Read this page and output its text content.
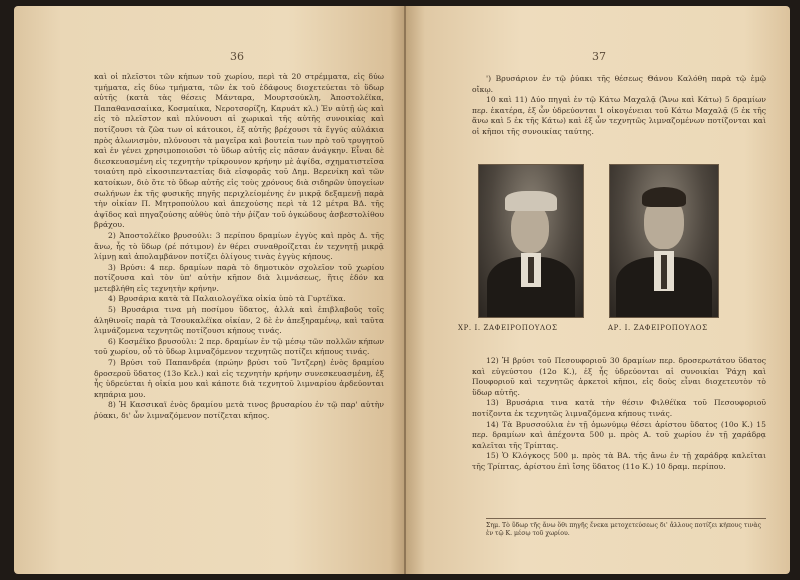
36

καὶ οἱ πλεῖστοι τῶν κήπων τοῦ χωρίου, περὶ τὰ 20 στρέμματα, εἰς δύω τμήματα, εἰς δύω τμήματα, τῶν ἐκ τοῦ ἐδάφους διοχετεύεται τὸ ὕδωρ αὐτῆς (κατὰ τὰς θέσεις Μάνταρα, Μουρτσούκλη, Ἀποστολέϊκα, Παπαθανασαίικα, Κοσμαίικα, Νεροτσορίζη, Καρυάτ κλ.) Ἐν αὐτῇ ὡς καὶ εἰς τὸ πλεῖστον καὶ πλύνουσι αἱ χωρικαὶ τῆς αὐτῆς συνοικίας καὶ ποτίζουσι τὰ ζῶα των οἱ κάτοικοι, ἐξ αὐτῆς βρέχουσι τὰ ἔγγύς αὐλάκια πρὸς ἀλωνισμὸν, πλύνουσι τὰ μαγεῖρα καὶ βουτεία των πρὸ τοῦ τρυγητοῦ καὶ ἐν γένει χρησιμοποιοῦσι τὸ ὕδωρ αὐτῆς εἰς πᾶσαν ἀνάγκην. Εἶναι δὲ διεσκευασμένη εἰς τεχνητὴν τρίκρουνον κρήνην μὲ ἀψίδα, σχηματιστεῖσα τοιαύτη πρὸ εἰκοσιπενταετίας διὰ εἰσφορᾶς τοῦ Δημ. Βερενίκη καὶ τῶν κατοίκων, διὸ ὅτε τὸ ὕδωρ αὐτῆς εἰς τοὺς χρόνους διὰ σιδηρῶν ὑπογείων σωλήνων ἐκ τῆς φυσικῆς πηγῆς περιχλείομένης ἐν μικρᾷ δεξαμενῇ παρὰ τὴν οἰκίαν Π. Μητροπούλου καὶ ἀπεχούσης περὶ τὰ 12 μέτρα ΒΔ. τῆς ἀψῖδος καὶ πηγαζούσης αὐθὺς ὑπὸ τὴν ῥίζαν τοῦ ὀγκώδους ἀσβεστολίθου βράχου.

2) Ἀποστολέϊκο βρυσούλι: 3 περίπου δραμίων ἐγγὺς καὶ πρὸς Δ. τῆς ἄνω, ἧς τὸ ὕδωρ (ρέ πότιμον) ἐν θέρει συναθροίζεται ἐν τεχνητῇ μικρᾷ λίμνῃ καὶ ἀπολαμβάνον ποτίζει ὀλίγους τινὰς ἐγγὺς κήπους.

3) Βρύσι: 4 περ. δραμίων παρὰ τὸ δημοτικὸν σχολεῖον τοῦ χωρίου ποτίζουσα καὶ τὸν ὑπ' αὐτὴν κῆπον διὰ λιμνάσεως, ἥτις ἐδόν κα μετεβλήθη εἰς τεχνητὴν κρήνην.

4) Βρυσάρια κατὰ τὰ Παλαιολογέϊκα οἰκία ὑπὸ τὰ Γυρτέϊκα.

5) Βρυσάρια τινα μὴ ποσίμου ὕδατος, ἀλλὰ καὶ ἐπιβλαβοῦς τοῖς ἀληθινοῖς παρὰ τὰ Τσουκαλέϊκα οἰκίαν, 2 δὲ ἐν ἀπεξηραμένῳ, καὶ ταῦτα λιμνάζομενα τεχνητῶς ποτίζουσι κήπους τινάς.

6) Κοσμέϊκο βρυσούλι: 2 περ. δραμίων ἐν τῷ μέσῳ τῶν πολλῶν κήπων τοῦ χωρίου, οὗ τὸ ὕδωρ λιμναζόμενον τεχνητῶς ποτίζει κήπους τινάς.

7) Βρύσι τοῦ Παπανδρέα (πρώην βρύσι τοῦ Ἴντζερη) ἐνὸς δραμίου δροσεροῦ ὕδατος (13ο Κελ.) καὶ εἰς τεχνητὴν κρήνην συνεσκευασμένη, ἐξ ἧς ὑδρεύεται ἡ οἰκία μου καὶ κάποτε διὰ τεχνητοῦ λιμναρίου ἀρδεύονται κηπάρια μου.

8) Ἡ Κασσικαϊ ἐνὸς δραμίου μετὰ τινος βρυσαρίου ἐν τῷ παρ' αὐτὴν ῥύακι, δι' ὧν λιμναζόμενον ποτίζεται κῆπος.

37

') Βρυσάριον ἐν τῷ ῥύακι τῆς θέσεως Θάνου Καλόθη παρὰ τῷ ἐμῷ οἴκῳ.

10 καὶ 11) Δύο πηγαὶ ἐν τῷ Κάτω Μαχαλᾷ (Ἄνω καὶ Κάτω) 5 δραμίων περ. ἑκατέρα, ἐξ ὧν ὑδρεύονται 1 οἰκογένειαι τοῦ Κάτω Μαχαλᾷ (5 ἐκ τῆς ἄνω καὶ 5 ἐκ τῆς Κάτω) καὶ ἐξ ὧν τεχνητῶς λιμναζομένων ποτίζονται καὶ οἱ κῆποι τῆς συνοικίας ταύτης.

ΧΡ. Ι. ΖΑΦΕΙΡΟΠΟΥΛΟΣ	ΑΡ. Ι. ΖΑΦΕΙΡΟΠΟΥΛΟΣ

12) Ἡ βρύσι τοῦ Πεσουφοριοῦ 30 δραμίων περ. δροσερωτάτου ὕδατος καὶ εὐγεύστου (12ο Κ.), ἐξ ἧς ὑδρεύονται αἱ συνοικίαι Ῥάχη καὶ Πουφοριοῦ καὶ τεχνητῶς ἀρκετοὶ κῆποι, εἰς δοὺς εἶναι διοχετευτὸν τὸ ὕδωρ αὐτῆς.

13) Βρυσάρια τινα κατὰ τὴν θέσιν Φιλθέϊκα τοῦ Πεσουφοριοῦ ποτίζοντα ἐκ τεχνητῶς λιμναζόμενα κήπους τινάς.

14) Τὰ Βρυσσούλια ἐν τῇ ὁμωνύμῳ θέσει ἀρίστου ὕδατος (10ο Κ.) 15 περ. δραμίων καὶ ἀπέχοντα 500 μ. πρὸς Α. τοῦ χωρίου ἐν τῇ χαράδρᾳ καλεῖται τῆς Τρίπτας.

15) Ὁ Κλόγκοςς 500 μ. πρὸς τὰ ΒΑ. τῆς ἄνω ἐν τῇ χαράδρᾳ καλεῖται τῆς Τρίπτας, ἀρίστου ἐπὶ ἴσης ὕδατος (11ο Κ.) 10 δραμ. περίπου.

Σημ. Τὸ ὕδωρ τῆς ἄνω ὅθι πηγῆς ἔνεκα μετοχετεύσεως δι' ἄλλους ποτίζει κήπους τινὰς ἐν τῷ Κ. μέσῳ τοῦ χωρίου.
